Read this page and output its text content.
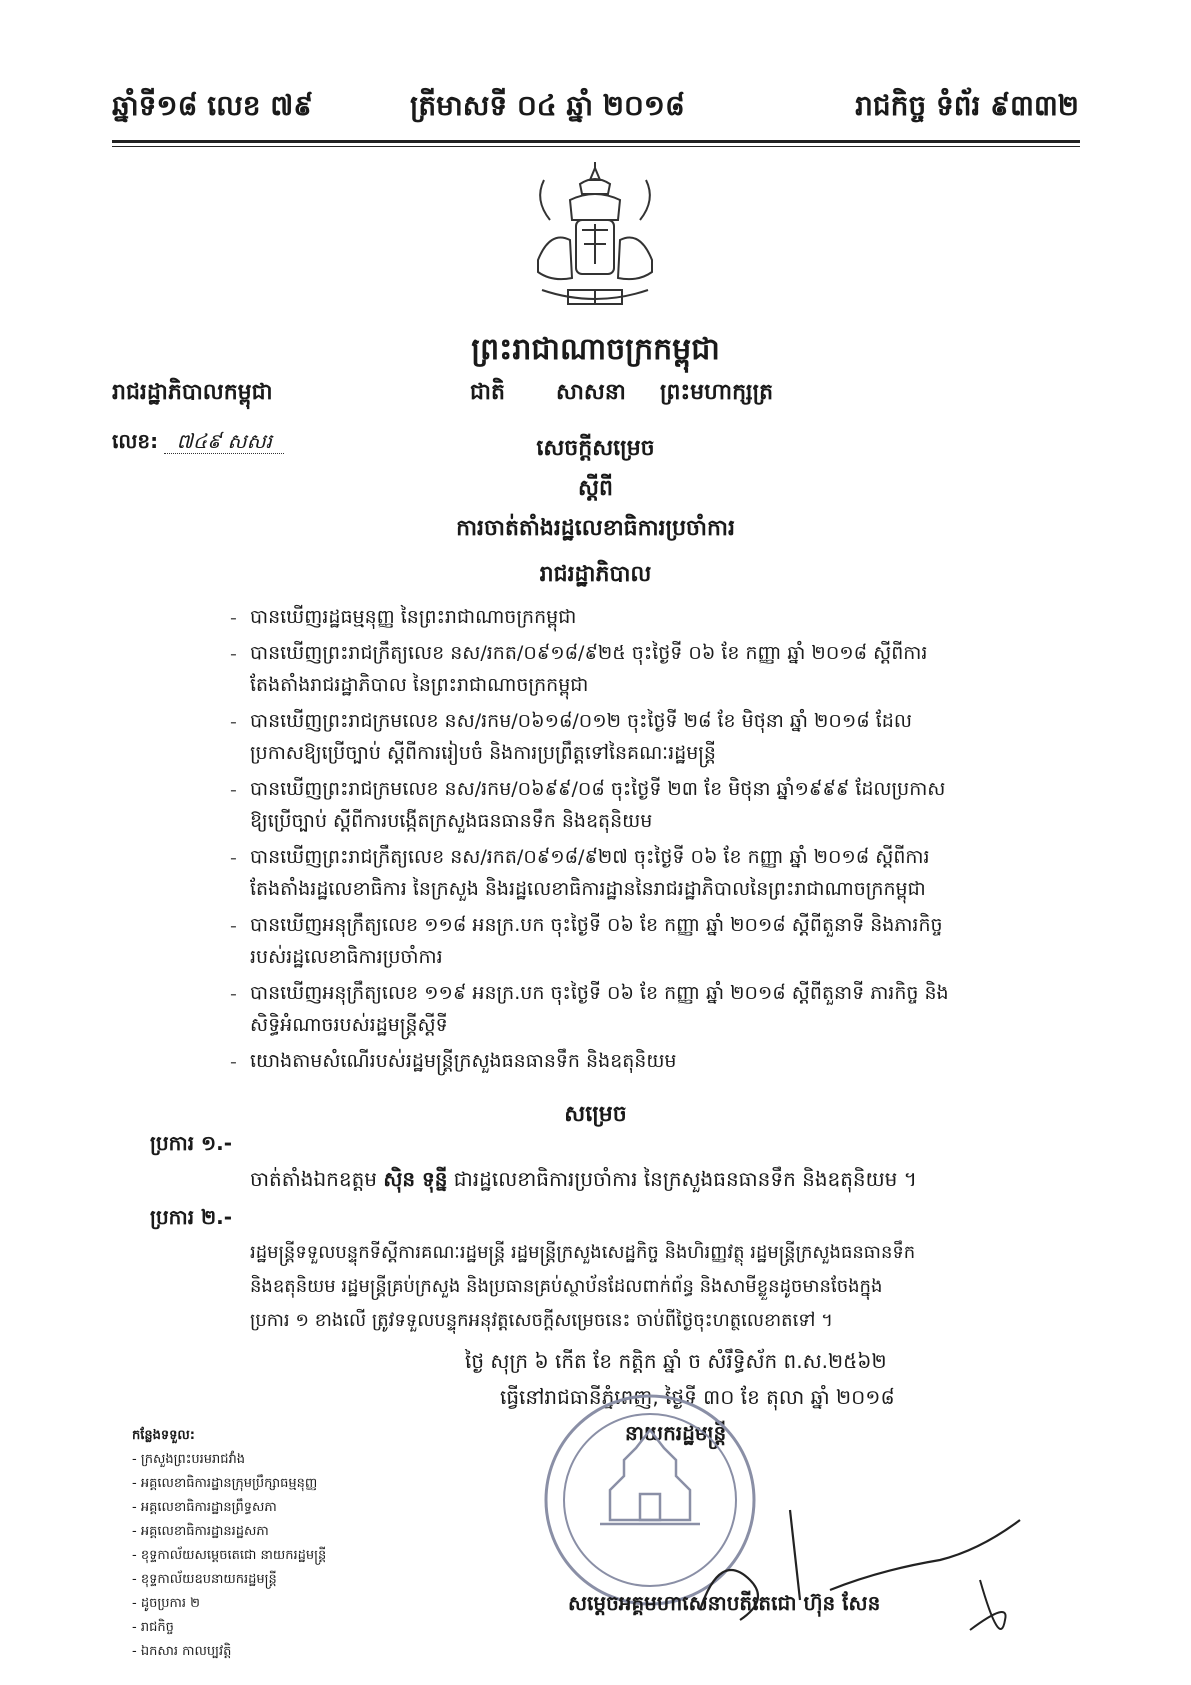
ឆ្នាំទី១៨ លេខ ៧៩	ត្រីមាសទី ០៤ ឆ្នាំ ២០១៨	រាជកិច្ច ទំព័រ ៩៣៣២
ព្រះរាជាណាចក្រកម្ពុជា
រាជរដ្ឋាភិបាលកម្ពុជា	ជាតិ សាសនា ព្រះមហាក្សត្រ
លេខ: ៧៤៩ សសរ	សេចក្តីសម្រេច
ស្តីពី
ការចាត់តាំងរដ្ឋលេខាធិការប្រចាំការ
រាជរដ្ឋាភិបាល
- បានឃើញរដ្ឋធម្មនុញ្ញ នៃព្រះរាជាណាចក្រកម្ពុជា
- បានឃើញព្រះរាជក្រឹត្យលេខ នស/រកត/០៩១៨/៩២៥ ចុះថ្ងៃទី ០៦ ខែ កញ្ញា ឆ្នាំ ២០១៨ ស្តីពីការ
តែងតាំងរាជរដ្ឋាភិបាល នៃព្រះរាជាណាចក្រកម្ពុជា
- បានឃើញព្រះរាជក្រមលេខ នស/រកម/០៦១៨/០១២ ចុះថ្ងៃទី ២៨ ខែ មិថុនា ឆ្នាំ ២០១៨ ដែល
ប្រកាសឱ្យប្រើច្បាប់ ស្តីពីការរៀបចំ និងការប្រព្រឹត្តទៅនៃគណៈរដ្ឋមន្ត្រី
- បានឃើញព្រះរាជក្រមលេខ នស/រកម/០៦៩៩/០៨ ចុះថ្ងៃទី ២៣ ខែ មិថុនា ឆ្នាំ១៩៩៩ ដែលប្រកាស
ឱ្យប្រើច្បាប់ ស្តីពីការបង្កើតក្រសួងធនធានទឹក និងឧតុនិយម
- បានឃើញព្រះរាជក្រឹត្យលេខ នស/រកត/០៩១៨/៩២៧ ចុះថ្ងៃទី ០៦ ខែ កញ្ញា ឆ្នាំ ២០១៨ ស្តីពីការ
តែងតាំងរដ្ឋលេខាធិការ នៃក្រសួង និងរដ្ឋលេខាធិការដ្ឋាននៃរាជរដ្ឋាភិបាលនៃព្រះរាជាណាចក្រកម្ពុជា
- បានឃើញអនុក្រឹត្យលេខ ១១៨ អនក្រ.បក ចុះថ្ងៃទី ០៦ ខែ កញ្ញា ឆ្នាំ ២០១៨ ស្តីពីតួនាទី និងភារកិច្ច
របស់រដ្ឋលេខាធិការប្រចាំការ
- បានឃើញអនុក្រឹត្យលេខ ១១៩ អនក្រ.បក ចុះថ្ងៃទី ០៦ ខែ កញ្ញា ឆ្នាំ ២០១៨ ស្តីពីតួនាទី ភារកិច្ច និង
សិទ្ធិអំណាចរបស់រដ្ឋមន្ត្រីស្តីទី
- យោងតាមសំណើរបស់រដ្ឋមន្ត្រីក្រសួងធនធានទឹក និងឧតុនិយម
សម្រេច
ប្រការ ១.-
ចាត់តាំងឯកឧត្តម ស៊ិន ទុន្នី ជារដ្ឋលេខាធិការប្រចាំការ នៃក្រសួងធនធានទឹក និងឧតុនិយម ។
ប្រការ ២.-
រដ្ឋមន្ត្រីទទួលបន្ទុកទីស្តីការគណៈរដ្ឋមន្ត្រី រដ្ឋមន្ត្រីក្រសួងសេដ្ឋកិច្ច និងហិរញ្ញវត្ថុ រដ្ឋមន្ត្រីក្រសួងធនធានទឹក
និងឧតុនិយម រដ្ឋមន្ត្រីគ្រប់ក្រសួង និងប្រធានគ្រប់ស្ថាប័នដែលពាក់ព័ន្ធ និងសាមីខ្លួនដូចមានចែងក្នុង
ប្រការ ១ ខាងលើ ត្រូវទទួលបន្ទុកអនុវត្តសេចក្តីសម្រេចនេះ ចាប់ពីថ្ងៃចុះហត្ថលេខាតទៅ ។
ថ្ងៃ សុក្រ ៦ កើត ខែ កត្តិក ឆ្នាំ ច សំរឹទ្ធិស័ក ព.ស.២៥៦២
ធ្វើនៅរាជធានីភ្នំពេញ, ថ្ងៃទី ៣០ ខែ តុលា ឆ្នាំ ២០១៨
នាយករដ្ឋមន្ត្រី
សម្តេចអគ្គមហាសេនាបតីតេជោ ហ៊ុន សែន
កន្លែងទទួល:
- ក្រសួងព្រះបរមរាជវាំង
- អគ្គលេខាធិការដ្ឋានក្រុមប្រឹក្សាធម្មនុញ្ញ
- អគ្គលេខាធិការដ្ឋានព្រឹទ្ធសភា
- អគ្គលេខាធិការដ្ឋានរដ្ឋសភា
- ខុទ្ទកាល័យសម្តេចតេជោ នាយករដ្ឋមន្ត្រី
- ខុទ្ទកាល័យឧបនាយករដ្ឋមន្ត្រី
- ដូចប្រការ ២
- រាជកិច្ច
- ឯកសារ កាលប្បវត្តិ
